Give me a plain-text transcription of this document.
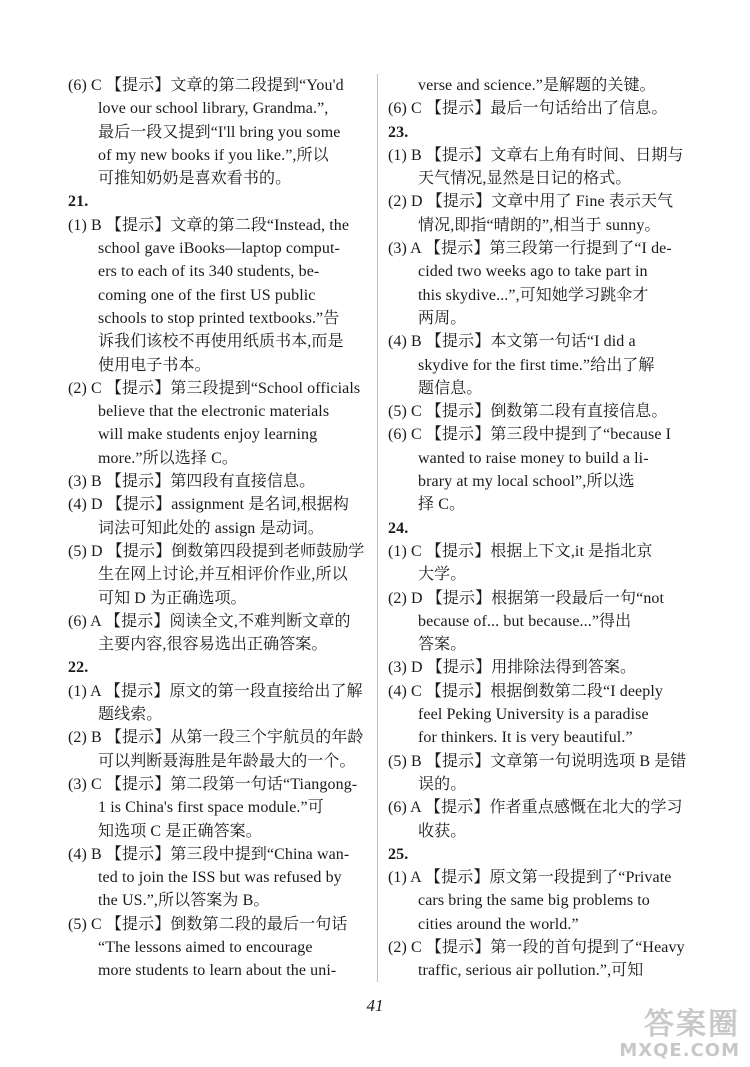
(6) C 【提示】文章的第二段提到“You'd
love our school library, Grandma.”,
最后一段又提到“I'll bring you some
of my new books if you like.”,所以
可推知奶奶是喜欢看书的。
21.
(1) B 【提示】文章的第二段“Instead, the
school gave iBooks—laptop comput-
ers to each of its 340 students, be-
coming one of the first US public
schools to stop printed textbooks.”告
诉我们该校不再使用纸质书本,而是
使用电子书本。
(2) C 【提示】第三段提到“School officials
believe that the electronic materials
will make students enjoy learning
more.”所以选择 C。
(3) B 【提示】第四段有直接信息。
(4) D 【提示】assignment 是名词,根据构
词法可知此处的 assign 是动词。
(5) D 【提示】倒数第四段提到老师鼓励学
生在网上讨论,并互相评价作业,所以
可知 D 为正确选项。
(6) A 【提示】阅读全文,不难判断文章的
主要内容,很容易选出正确答案。
22.
(1) A 【提示】原文的第一段直接给出了解
题线索。
(2) B 【提示】从第一段三个宇航员的年龄
可以判断聂海胜是年龄最大的一个。
(3) C 【提示】第二段第一句话“Tiangong-
1 is China's first space module.”可
知选项 C 是正确答案。
(4) B 【提示】第三段中提到“China wan-
ted to join the ISS but was refused by
the US.”,所以答案为 B。
(5) C 【提示】倒数第二段的最后一句话
“The lessons aimed to encourage
more students to learn about the uni-
verse and science.”是解题的关键。
(6) C 【提示】最后一句话给出了信息。
23.
(1) B 【提示】文章右上角有时间、日期与
天气情况,显然是日记的格式。
(2) D 【提示】文章中用了 Fine 表示天气
情况,即指“晴朗的”,相当于 sunny。
(3) A 【提示】第三段第一行提到了“I de-
cided two weeks ago to take part in
this skydive...”,可知她学习跳伞才
两周。
(4) B 【提示】本文第一句话“I did a
skydive for the first time.”给出了解
题信息。
(5) C 【提示】倒数第二段有直接信息。
(6) C 【提示】第三段中提到了“because I
wanted to raise money to build a li-
brary at my local school”,所以选
择 C。
24.
(1) C 【提示】根据上下文,it 是指北京
大学。
(2) D 【提示】根据第一段最后一句“not
because of... but because...”得出
答案。
(3) D 【提示】用排除法得到答案。
(4) C 【提示】根据倒数第二段“I deeply
feel Peking University is a paradise
for thinkers. It is very beautiful.”
(5) B 【提示】文章第一句说明选项 B 是错
误的。
(6) A 【提示】作者重点感慨在北大的学习
收获。
25.
(1) A 【提示】原文第一段提到了“Private
cars bring the same big problems to
cities around the world.”
(2) C 【提示】第一段的首句提到了“Heavy
traffic, serious air pollution.”,可知
41
答案圈
MXQE.COM
